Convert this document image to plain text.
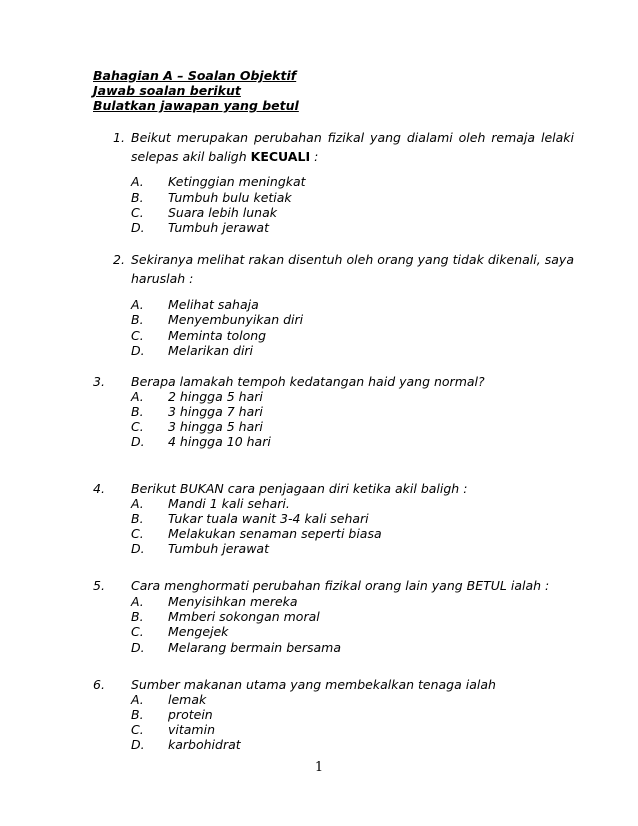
Bahagian A – Soalan Objektif
Jawab soalan berikut
Bulatkan jawapan yang betul
1. Beikut merupakan perubahan fizikal yang dialami oleh remaja lelaki selepas akil baligh KECUALI :
A. Ketinggian meningkat
B. Tumbuh bulu ketiak
C. Suara lebih lunak
D. Tumbuh jerawat
2. Sekiranya melihat rakan disentuh oleh orang yang tidak dikenali, saya haruslah :
A. Melihat sahaja
B. Menyembunyikan diri
C. Meminta tolong
D. Melarikan diri
3. Berapa lamakah tempoh kedatangan haid yang normal?
A. 2 hingga 5 hari
B. 3 hingga 7 hari
C. 3 hingga 5 hari
D. 4 hingga 10 hari
4. Berikut BUKAN cara penjagaan diri ketika akil baligh :
A. Mandi 1 kali sehari.
B. Tukar tuala wanit 3-4 kali sehari
C. Melakukan senaman seperti biasa
D. Tumbuh jerawat
5. Cara menghormati perubahan fizikal orang lain yang BETUL ialah :
A. Menyisihkan mereka
B. Mmberi sokongan moral
C. Mengejek
D. Melarang bermain bersama
6. Sumber makanan utama yang membekalkan tenaga ialah
A. lemak
B. protein
C. vitamin
D. karbohidrat
1
